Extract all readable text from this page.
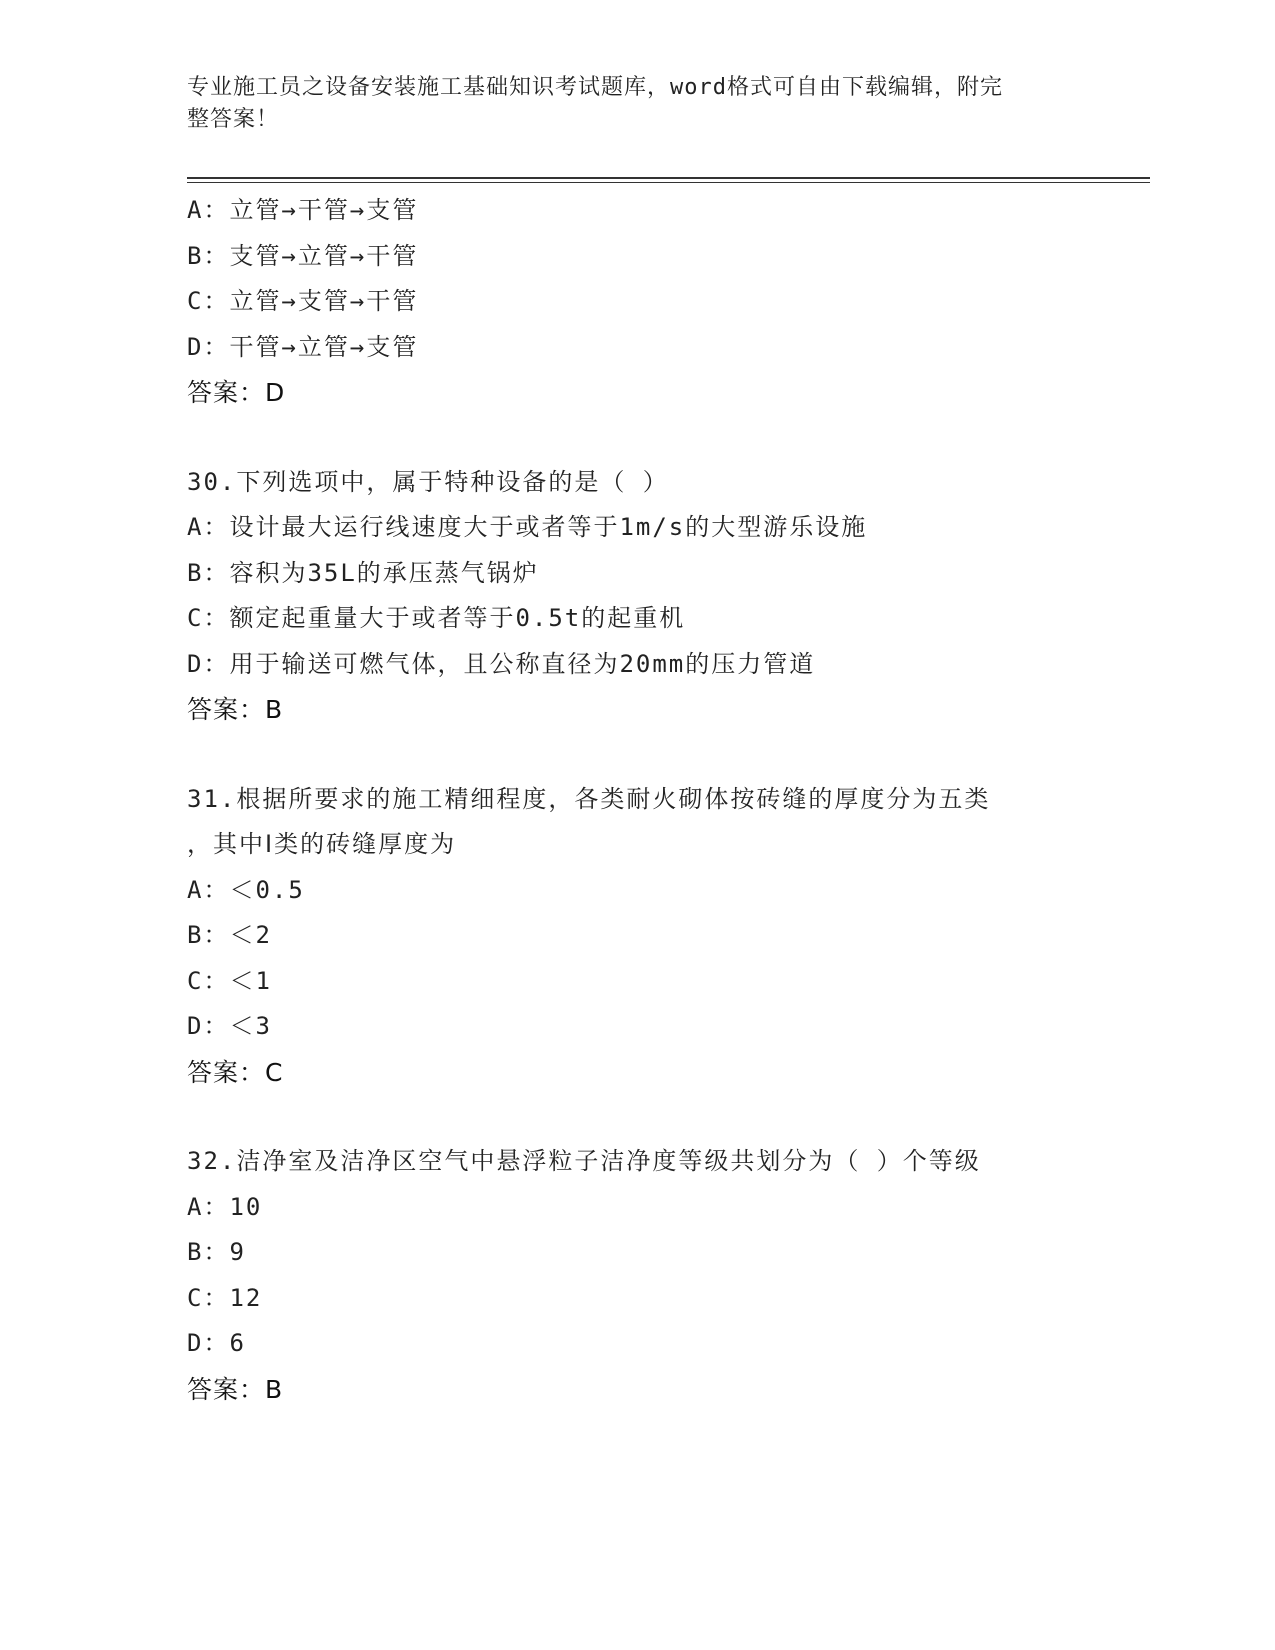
专业施工员之设备安装施工基础知识考试题库，word格式可自由下载编辑，附完
整答案！
A：立管→干管→支管
B：支管→立管→干管
C：立管→支管→干管
D：干管→立管→支管
答案：D
30.下列选项中，属于特种设备的是（ ）
A：设计最大运行线速度大于或者等于1m/s的大型游乐设施
B：容积为35L的承压蒸气锅炉
C：额定起重量大于或者等于0.5t的起重机
D：用于输送可燃气体，且公称直径为20mm的压力管道
答案：B
31.根据所要求的施工精细程度，各类耐火砌体按砖缝的厚度分为五类
，其中Ⅰ类的砖缝厚度为
A：＜0.5
B：＜2
C：＜1
D：＜3
答案：C
32.洁净室及洁净区空气中悬浮粒子洁净度等级共划分为（ ）个等级
A：10
B：9
C：12
D：6
答案：B
